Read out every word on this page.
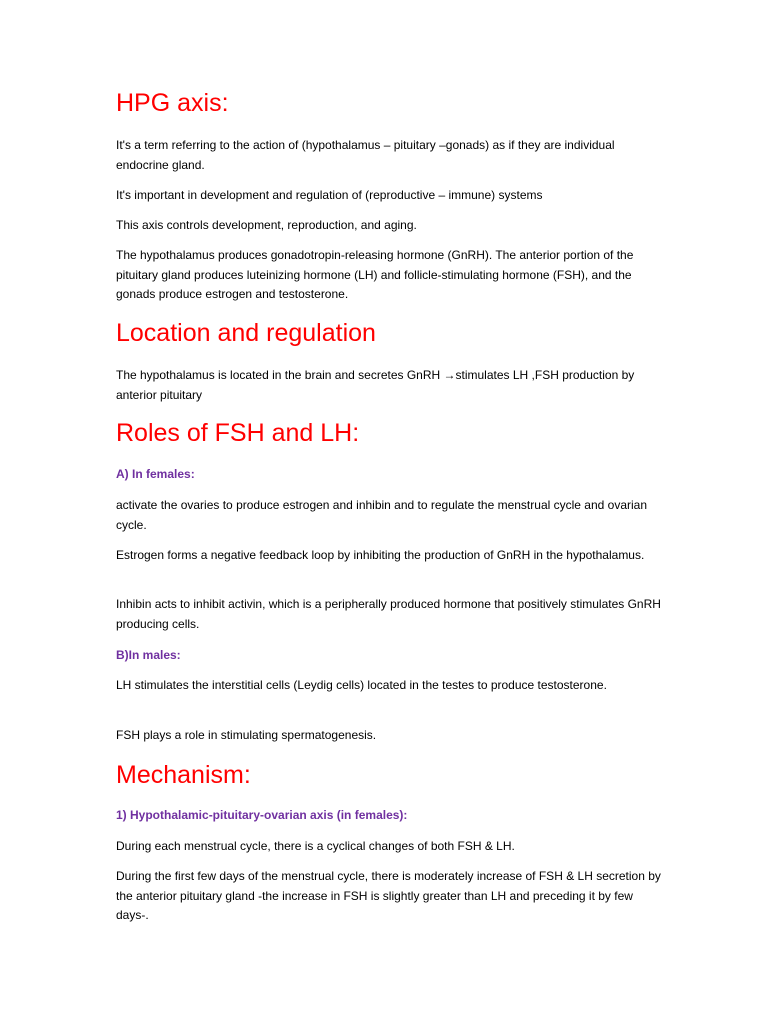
HPG axis:

It's a term referring to the action of (hypothalamus – pituitary –gonads) as if they are individual endocrine gland.

It's important in development and regulation of (reproductive – immune) systems

This axis controls development, reproduction, and aging.

The hypothalamus produces gonadotropin-releasing hormone (GnRH). The anterior portion of the pituitary gland produces luteinizing hormone (LH) and follicle-stimulating hormone (FSH), and the gonads produce estrogen and testosterone.

Location and regulation

The hypothalamus is located in the brain and secretes GnRH →stimulates LH ,FSH production by anterior pituitary

Roles of FSH and LH:
A) In females:

activate the ovaries to produce estrogen and inhibin and to regulate the menstrual cycle and ovarian cycle.

Estrogen forms a negative feedback loop by inhibiting the production of GnRH in the hypothalamus.

Inhibin acts to inhibit activin, which is a peripherally produced hormone that positively stimulates GnRH producing cells.

B)In males:

LH stimulates the interstitial cells (Leydig cells) located in the testes to produce testosterone.

FSH plays a role in stimulating spermatogenesis.

Mechanism:
1) Hypothalamic-pituitary-ovarian axis (in females):

During each menstrual cycle, there is a cyclical changes of both FSH & LH.

During the first few days of the menstrual cycle, there is moderately increase of FSH & LH secretion by the anterior pituitary gland -the increase in FSH is slightly greater than LH and preceding it by few days-.
